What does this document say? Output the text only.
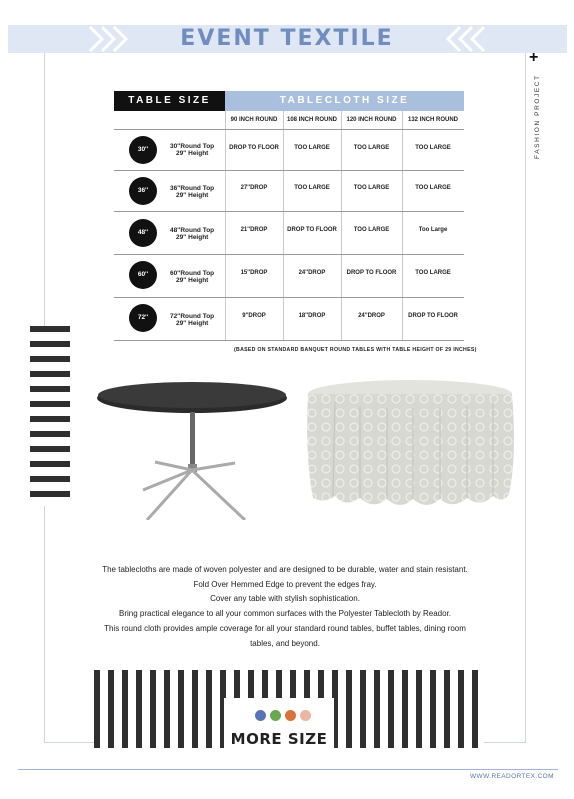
EVENT TEXTILE
+
FASHION PROJECT
TABLE SIZE	TABLECLOTH SIZE
90 INCH ROUND	108 INCH ROUND	120 INCH ROUND	132 INCH ROUND
30''	30''Round Top
29'' Height
DROP TO FLOOR	TOO LARGE	TOO LARGE	TOO LARGE
36''	36''Round Top
29'' Height
27''DROP	TOO LARGE	TOO LARGE	TOO LARGE
48''	48''Round Top
29'' Height
21''DROP	DROP TO FLOOR	TOO LARGE	Too Large
60''	60''Round Top
29'' Height
15''DROP	24''DROP	DROP TO FLOOR	TOO LARGE
72''	72''Round Top
29'' Height
9''DROP	18''DROP	24''DROP	DROP TO FLOOR
(BASED ON STANDARD BANQUET ROUND TABLES WITH TABLE HEIGHT OF 29 INCHES)

The tablecloths are made of woven polyester and are designed to be durable, water and stain resistant.

Fold Over Hemmed Edge to prevent the edges fray.

Cover any table with stylish sophistication.

Bring practical elegance to all your common surfaces with the Polyester Tablecloth by Reador.

This round cloth provides ample coverage for all your standard round tables, buffet tables, dining room

tables, and beyond.

MORE SIZE
WWW.READORTEX.COM
